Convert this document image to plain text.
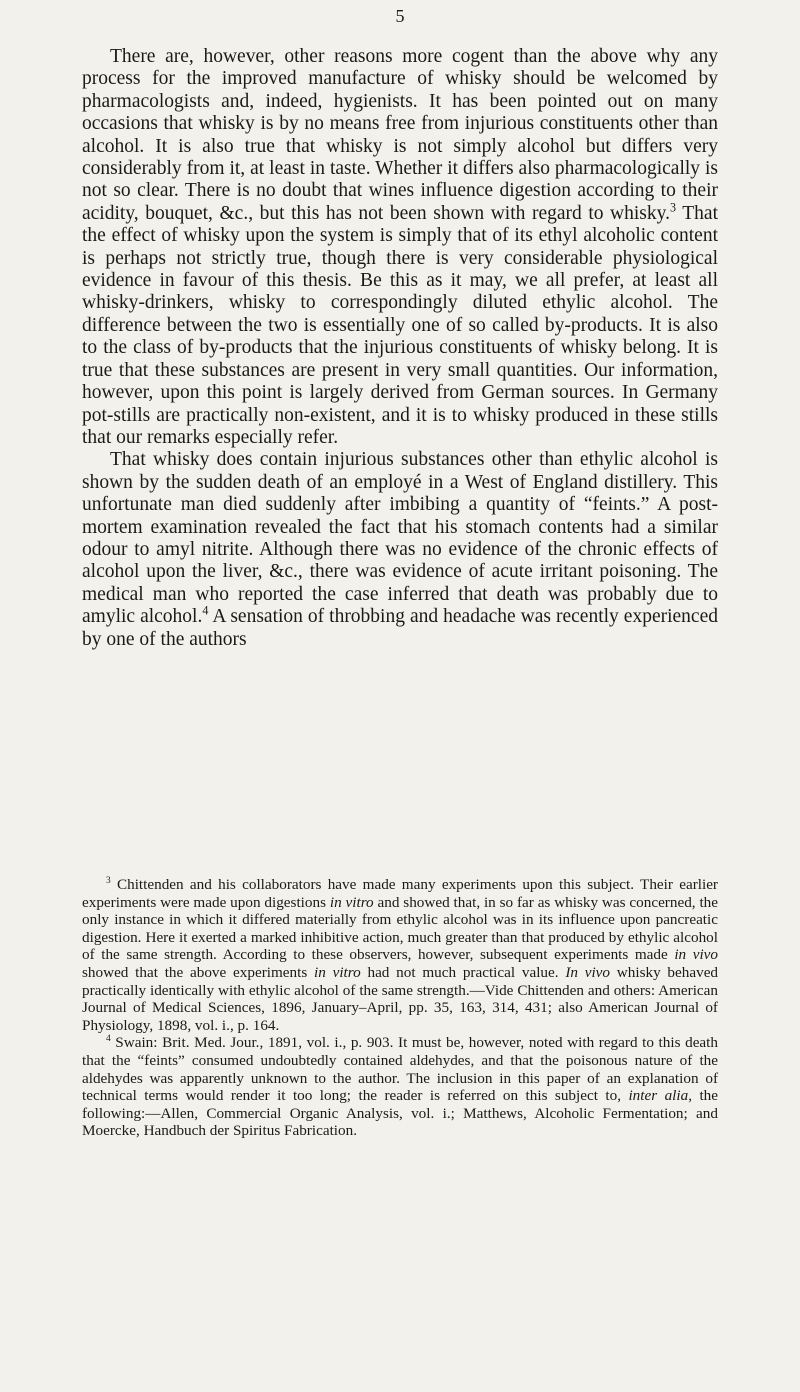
5

There are, however, other reasons more cogent than the above why any process for the improved manufacture of whisky should be welcomed by pharmacologists and, indeed, hygienists. It has been pointed out on many occasions that whisky is by no means free from injurious constituents other than alcohol. It is also true that whisky is not simply alcohol but differs very considerably from it, at least in taste. Whether it differs also pharmacologically is not so clear. There is no doubt that wines influence digestion according to their acidity, bouquet, &c., but this has not been shown with regard to whisky.$^3$ That the effect of whisky upon the system is simply that of its ethyl alcoholic content is perhaps not strictly true, though there is very considerable physiological evidence in favour of this thesis. Be this as it may, we all prefer, at least all whisky-drinkers, whisky to correspondingly diluted ethylic alcohol. The difference between the two is essentially one of so called by-products. It is also to the class of by-products that the injurious constituents of whisky belong. It is true that these substances are present in very small quantities. Our information, however, upon this point is largely derived from German sources. In Germany pot-stills are practically non-existent, and it is to whisky produced in these stills that our remarks especially refer.

That whisky does contain injurious substances other than ethylic alcohol is shown by the sudden death of an employé in a West of England distillery. This unfortunate man died suddenly after imbibing a quantity of “feints.” A post-mortem examination revealed the fact that his stomach contents had a similar odour to amyl nitrite. Although there was no evidence of the chronic effects of alcohol upon the liver, &c., there was evidence of acute irritant poisoning. The medical man who reported the case inferred that death was probably due to amylic alcohol.$^4$ A sensation of throbbing and headache was recently experienced by one of the authors

$^3$ Chittenden and his collaborators have made many experiments upon this subject. Their earlier experiments were made upon digestions in vitro and showed that, in so far as whisky was concerned, the only instance in which it differed materially from ethylic alcohol was in its influence upon pancreatic digestion. Here it exerted a marked inhibitive action, much greater than that produced by ethylic alcohol of the same strength. According to these observers, however, subsequent experiments made in vivo showed that the above experiments in vitro had not much practical value. In vivo whisky behaved practically identically with ethylic alcohol of the same strength.—Vide Chittenden and others: American Journal of Medical Sciences, 1896, January–April, pp. 35, 163, 314, 431; also American Journal of Physiology, 1898, vol. i., p. 164.

$^4$ Swain: Brit. Med. Jour., 1891, vol. i., p. 903. It must be, however, noted with regard to this death that the “feints” consumed undoubtedly contained aldehydes, and that the poisonous nature of the aldehydes was apparently unknown to the author. The inclusion in this paper of an explanation of technical terms would render it too long; the reader is referred on this subject to, inter alia, the following:—Allen, Commercial Organic Analysis, vol. i.; Matthews, Alcoholic Fermentation; and Moercke, Handbuch der Spiritus Fabrication.
